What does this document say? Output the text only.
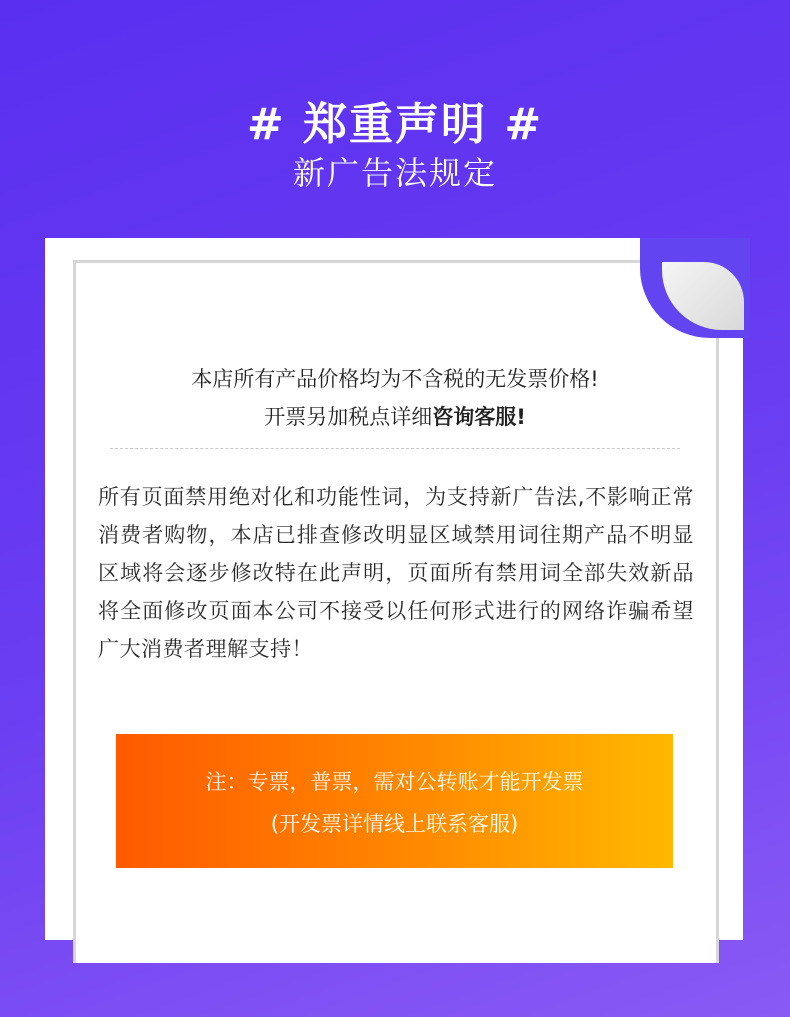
# 郑重声明 #
新广告法规定
本店所有产品价格均为不含税的无发票价格!
开票另加税点详细咨询客服!
所有页面禁用绝对化和功能性词，为支持新广告法,不影响正常消费者购物，本店已排查修改明显区域禁用词往期产品不明显区域将会逐步修改特在此声明，页面所有禁用词全部失效新品将全面修改页面本公司不接受以任何形式进行的网络诈骗希望广大消费者理解支持！
注：专票，普票，需对公转账才能开发票
(开发票详情线上联系客服)
